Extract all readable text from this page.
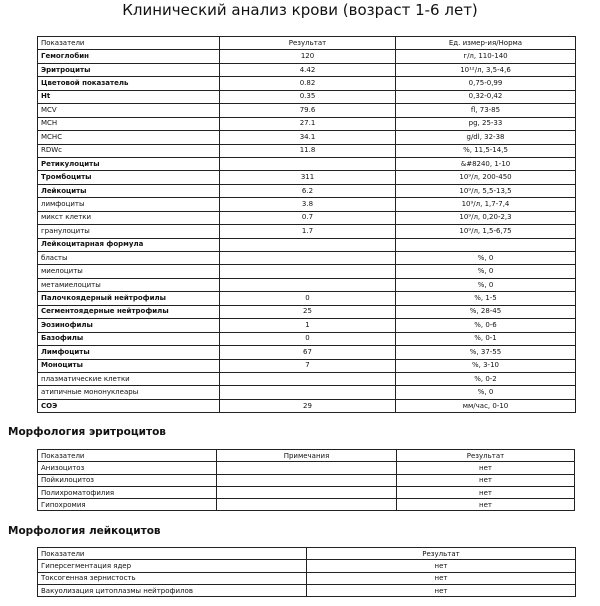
Клинический анализ крови (возраст 1-6 лет)
Показатели	Результат	Ед. измер-ия/Норма
Гемоглобин	120	г/л, 110-140
Эритроциты	4.42	10¹²/л, 3,5-4,6
Цветовой показатель	0.82	0,75-0,99
Ht	0.35	0,32-0,42
MCV	79.6	fl, 73-85
MCH	27.1	pg, 25-33
MCHC	34.1	g/dl, 32-38
RDWc	11.8	%, 11,5-14,5
Ретикулоциты		&#8240, 1-10
Тромбоциты	311	10⁹/л, 200-450
Лейкоциты	6.2	10⁹/л, 5,5-13,5
лимфоциты	3.8	10⁹/л, 1,7-7,4
микст клетки	0.7	10⁹/л, 0,20-2,3
гранулоциты	1.7	10⁹/л, 1,5-6,75
Лейкоцитарная формула		
бласты		%, 0
миелоциты		%, 0
метамиелоциты		%, 0
Палочкоядерный нейтрофилы	0	%, 1-5
Сегментоядерные нейтрофилы	25	%, 28-45
Эозинофилы	1	%, 0-6
Базофилы	0	%, 0-1
Лимфоциты	67	%, 37-55
Моноциты	7	%, 3-10
плазматические клетки		%, 0-2
атипичные мононуклеары		%, 0
СОЭ	29	мм/час, 0-10
Морфология эритроцитов
Показатели	Примечания	Результат
Анизоцитоз		нет
Пойкилоцитоз		нет
Полихроматофилия		нет
Гипохромия		нет
Морфология лейкоцитов
Показатели	Результат
Гиперсегментация ядер	нет
Токсогенная зернистость	нет
Вакуолизация цитоплазмы нейтрофилов	нет
